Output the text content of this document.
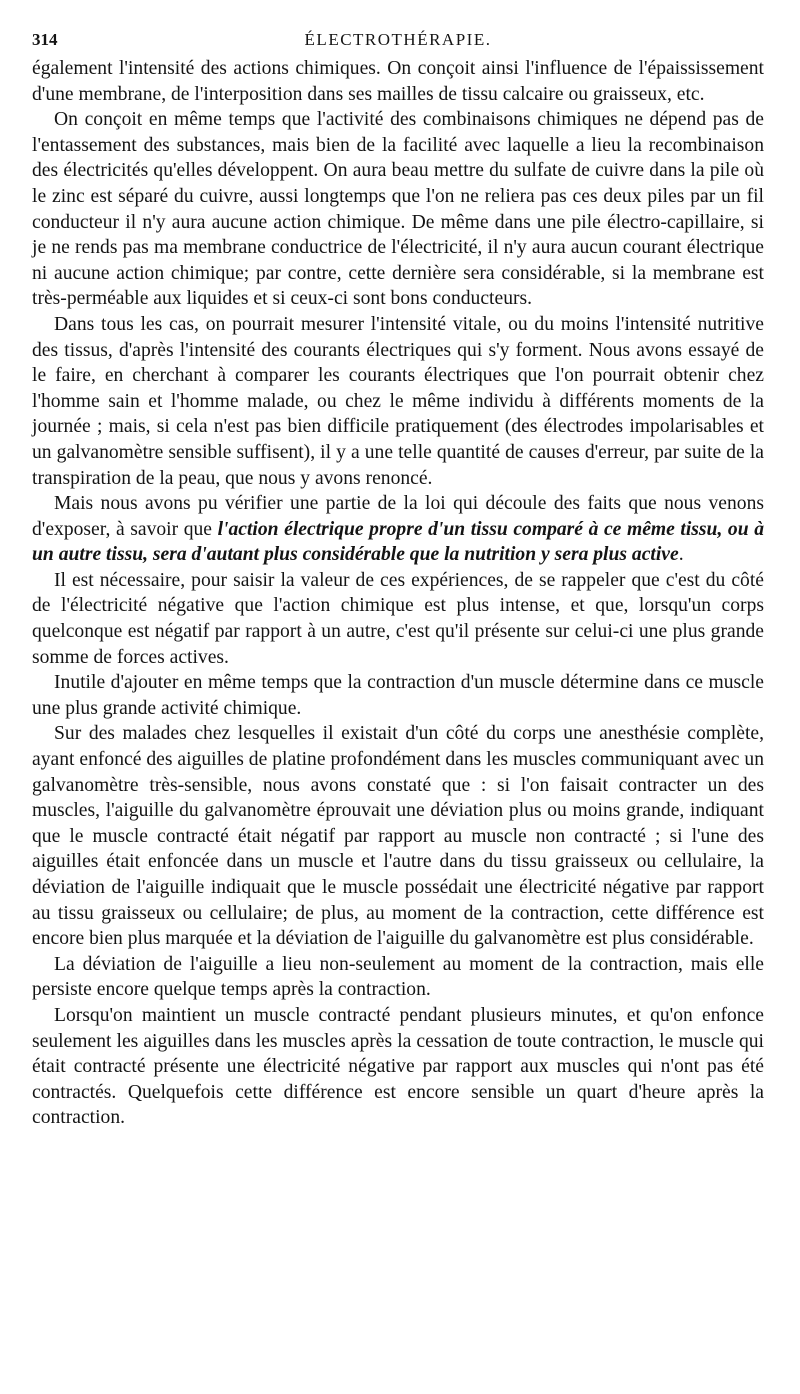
314	ÉLECTROTHÉRAPIE.

également l'intensité des actions chimiques. On conçoit ainsi l'influence de l'épaississement d'une membrane, de l'interposition dans ses mailles de tissu calcaire ou graisseux, etc.

On conçoit en même temps que l'activité des combinaisons chimiques ne dépend pas de l'entassement des substances, mais bien de la facilité avec laquelle a lieu la recombinaison des électricités qu'elles développent. On aura beau mettre du sulfate de cuivre dans la pile où le zinc est séparé du cuivre, aussi longtemps que l'on ne reliera pas ces deux piles par un fil conducteur il n'y aura aucune action chimique. De même dans une pile électro-capillaire, si je ne rends pas ma membrane conductrice de l'électricité, il n'y aura aucun courant électrique ni aucune action chimique; par contre, cette dernière sera considérable, si la membrane est très-perméable aux liquides et si ceux-ci sont bons conducteurs.

Dans tous les cas, on pourrait mesurer l'intensité vitale, ou du moins l'intensité nutritive des tissus, d'après l'intensité des courants électriques qui s'y forment. Nous avons essayé de le faire, en cherchant à comparer les courants électriques que l'on pourrait obtenir chez l'homme sain et l'homme malade, ou chez le même individu à différents moments de la journée ; mais, si cela n'est pas bien difficile pratiquement (des électrodes impolarisables et un galvanomètre sensible suffisent), il y a une telle quantité de causes d'erreur, par suite de la transpiration de la peau, que nous y avons renoncé.

Mais nous avons pu vérifier une partie de la loi qui découle des faits que nous venons d'exposer, à savoir que l'action électrique propre d'un tissu comparé à ce même tissu, ou à un autre tissu, sera d'autant plus considérable que la nutrition y sera plus active.

Il est nécessaire, pour saisir la valeur de ces expériences, de se rappeler que c'est du côté de l'électricité négative que l'action chimique est plus intense, et que, lorsqu'un corps quelconque est négatif par rapport à un autre, c'est qu'il présente sur celui-ci une plus grande somme de forces actives.

Inutile d'ajouter en même temps que la contraction d'un muscle détermine dans ce muscle une plus grande activité chimique.

Sur des malades chez lesquelles il existait d'un côté du corps une anesthésie complète, ayant enfoncé des aiguilles de platine profondément dans les muscles communiquant avec un galvanomètre très-sensible, nous avons constaté que : si l'on faisait contracter un des muscles, l'aiguille du galvanomètre éprouvait une déviation plus ou moins grande, indiquant que le muscle contracté était négatif par rapport au muscle non contracté ; si l'une des aiguilles était enfoncée dans un muscle et l'autre dans du tissu graisseux ou cellulaire, la déviation de l'aiguille indiquait que le muscle possédait une électricité négative par rapport au tissu graisseux ou cellulaire; de plus, au moment de la contraction, cette différence est encore bien plus marquée et la déviation de l'aiguille du galvanomètre est plus considérable.

La déviation de l'aiguille a lieu non-seulement au moment de la contraction, mais elle persiste encore quelque temps après la contraction.

Lorsqu'on maintient un muscle contracté pendant plusieurs minutes, et qu'on enfonce seulement les aiguilles dans les muscles après la cessation de toute contraction, le muscle qui était contracté présente une électricité négative par rapport aux muscles qui n'ont pas été contractés. Quelquefois cette différence est encore sensible un quart d'heure après la contraction.
